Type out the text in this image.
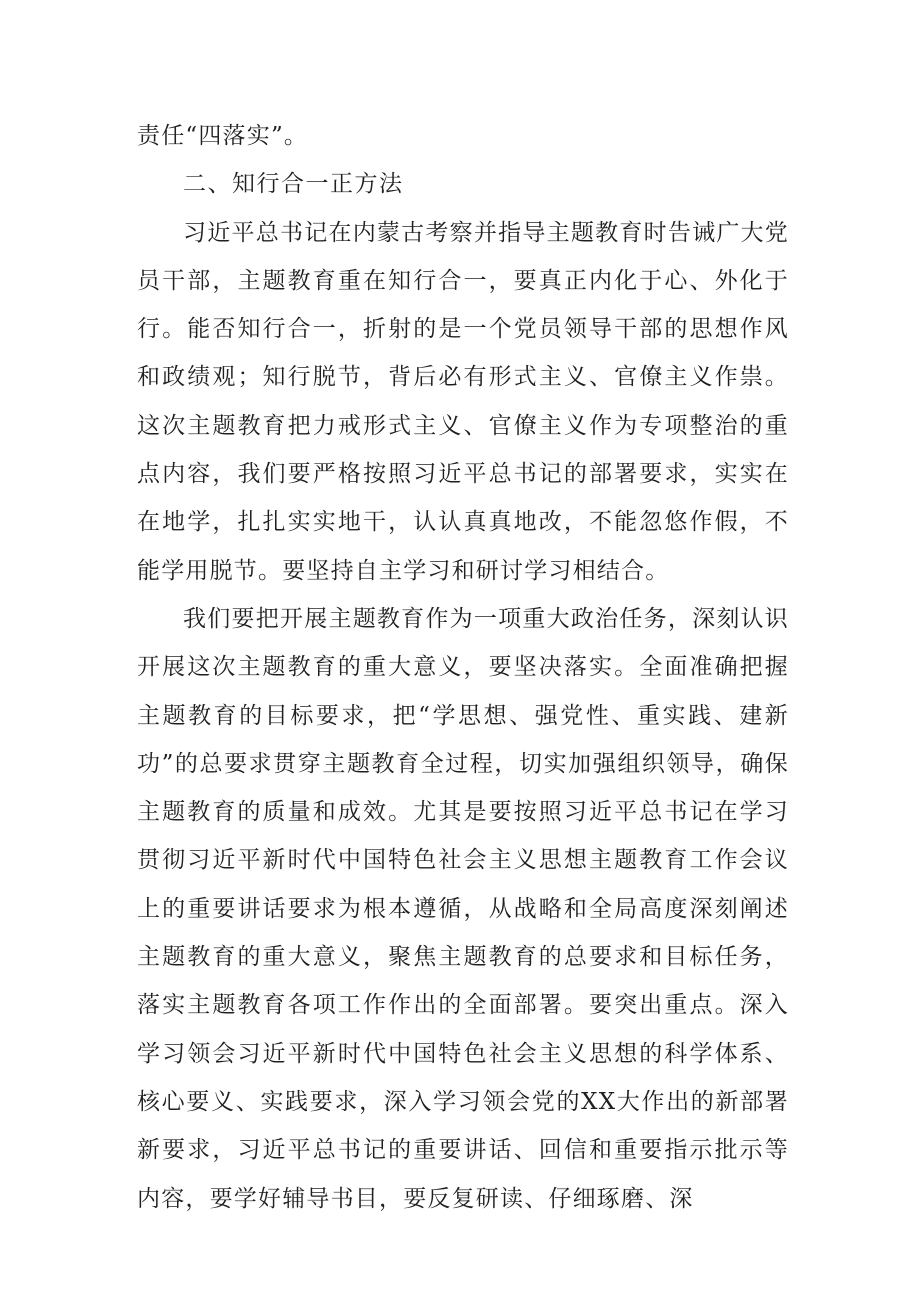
责任“四落实”。

二、知行合一正方法

习近平总书记在内蒙古考察并指导主题教育时告诫广大党员干部，主题教育重在知行合一，要真正内化于心、外化于行。能否知行合一，折射的是一个党员领导干部的思想作风和政绩观；知行脱节，背后必有形式主义、官僚主义作祟。这次主题教育把力戒形式主义、官僚主义作为专项整治的重点内容，我们要严格按照习近平总书记的部署要求，实实在在地学，扎扎实实地干，认认真真地改，不能忽悠作假，不能学用脱节。要坚持自主学习和研讨学习相结合。

我们要把开展主题教育作为一项重大政治任务，深刻认识开展这次主题教育的重大意义，要坚决落实。全面准确把握主题教育的目标要求，把“学思想、强党性、重实践、建新功”的总要求贯穿主题教育全过程，切实加强组织领导，确保主题教育的质量和成效。尤其是要按照习近平总书记在学习贯彻习近平新时代中国特色社会主义思想主题教育工作会议上的重要讲话要求为根本遵循，从战略和全局高度深刻阐述主题教育的重大意义，聚焦主题教育的总要求和目标任务，落实主题教育各项工作作出的全面部署。要突出重点。深入学习领会习近平新时代中国特色社会主义思想的科学体系、核心要义、实践要求，深入学习领会党的XX大作出的新部署新要求，习近平总书记的重要讲话、回信和重要指示批示等内容，要学好辅导书目，要反复研读、仔细琢磨、深
